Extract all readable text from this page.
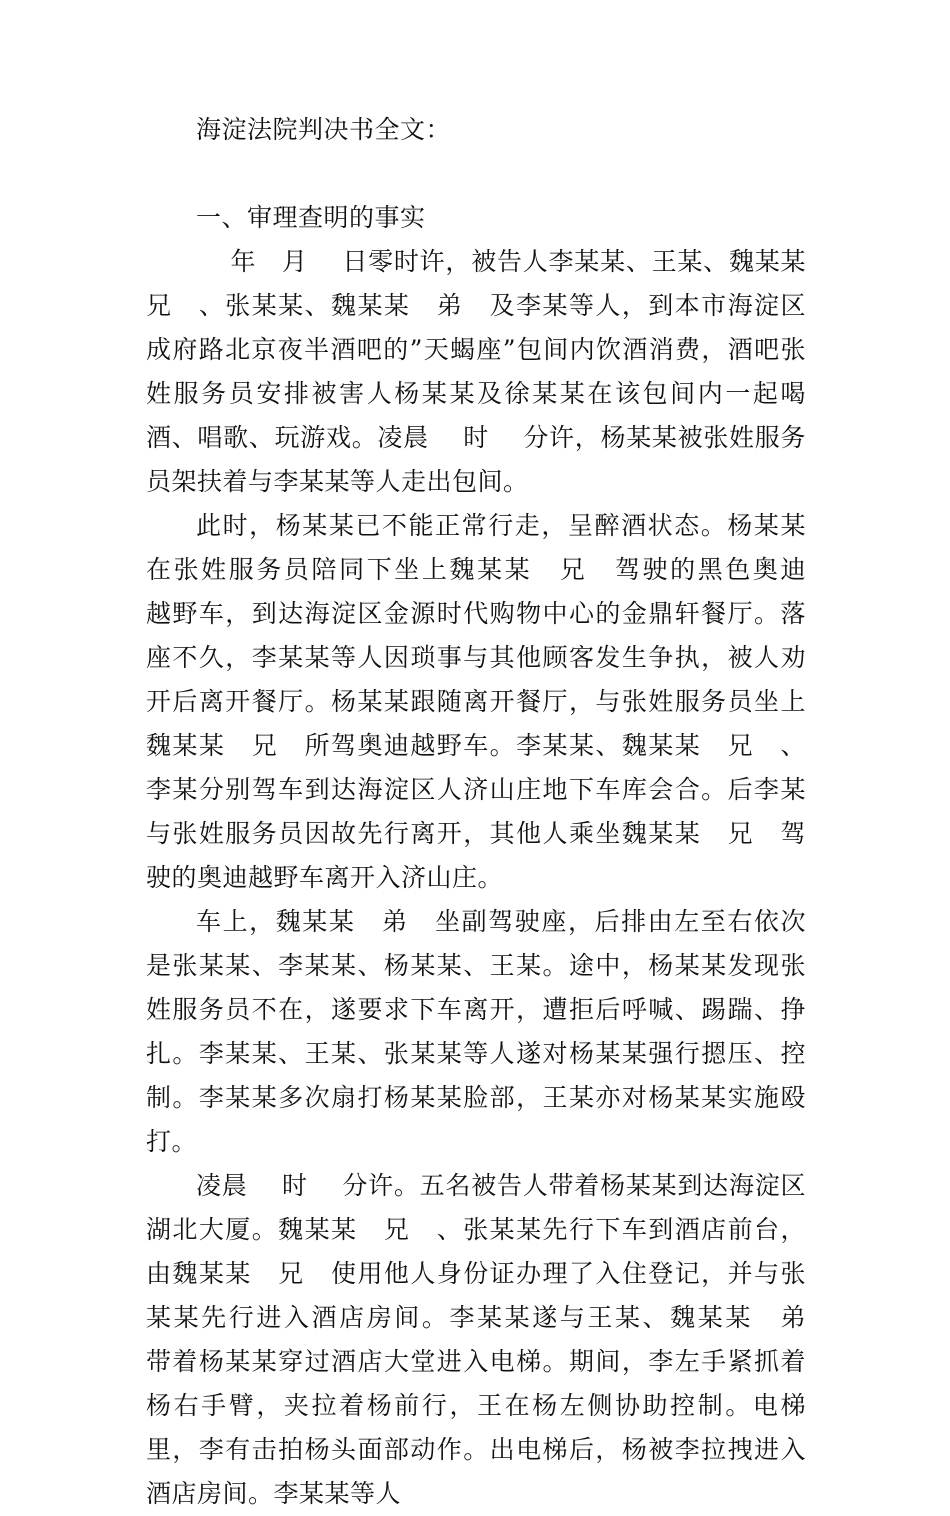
海淀法院判决书全文：

一、审理查明的事实

　 年　月　 日零时许，被告人李某某、王某、魏某某　兄　、张某某、魏某某　弟　及李某等人，到本市海淀区成府路北京夜半酒吧的”天蝎座”包间内饮酒消费，酒吧张姓服务员安排被害人杨某某及徐某某在该包间内一起喝酒、唱歌、玩游戏。凌晨　 时　 分许，杨某某被张姓服务员架扶着与李某某等人走出包间。

此时，杨某某已不能正常行走，呈醉酒状态。杨某某在张姓服务员陪同下坐上魏某某　兄　驾驶的黑色奥迪　 越野车，到达海淀区金源时代购物中心的金鼎轩餐厅。落座不久，李某某等人因琐事与其他顾客发生争执，被人劝开后离开餐厅。杨某某跟随离开餐厅，与张姓服务员坐上魏某某　兄　所驾奥迪越野车。李某某、魏某某　兄　、李某分别驾车到达海淀区人济山庄地下车库会合。后李某与张姓服务员因故先行离开，其他人乘坐魏某某　兄　驾驶的奥迪越野车离开入济山庄。

车上，魏某某　弟　坐副驾驶座，后排由左至右依次是张某某、李某某、杨某某、王某。途中，杨某某发现张姓服务员不在，遂要求下车离开，遭拒后呼喊、踢踹、挣扎。李某某、王某、张某某等人遂对杨某某强行摁压、控制。李某某多次扇打杨某某脸部，王某亦对杨某某实施殴打。

凌晨　 时　 分许。五名被告人带着杨某某到达海淀区湖北大厦。魏某某　兄　、张某某先行下车到酒店前台，由魏某某　兄　使用他人身份证办理了入住登记，并与张某某先行进入酒店房间。李某某遂与王某、魏某某　弟　带着杨某某穿过酒店大堂进入电梯。期间，李左手紧抓着杨右手臂，夹拉着杨前行，王在杨左侧协助控制。电梯里，李有击拍杨头面部动作。出电梯后，杨被李拉拽进入酒店房间。李某某等人
